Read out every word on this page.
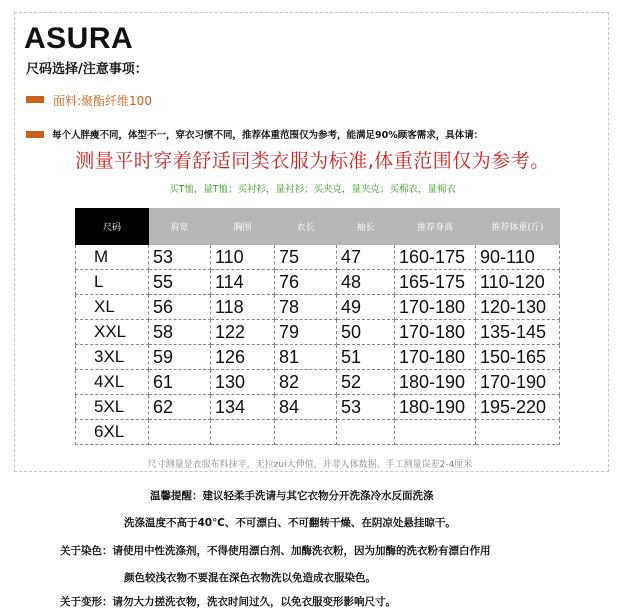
ASURA
尺码选择/注意事项：
面料:聚酯纤维100
每个人胖瘦不同，体型不一，穿衣习惯不同，推荐体重范围仅为参考，能满足90%顾客需求，具体请：
测量平时穿着舒适同类衣服为标准,体重范围仅为参考。
买T恤，量T恤；买衬衫，量衬衫；买夹克，量夹克；买棉衣，量棉衣
尺码	肩宽	胸围	衣长	袖长	推荐身高	推荐体重(斤)
M	53	110	75	47	160-175	90-110
L	55	114	76	48	165-175	110-120
XL	56	118	78	49	170-180	120-130
XXL	58	122	79	50	170-180	135-145
3XL	59	126	81	51	170-180	150-165
4XL	61	130	82	52	180-190	170-190
5XL	62	134	84	53	180-190	195-220
6XL						
尺寸测量是衣服布料抹平，无拉zui大伸值，并非人体数据。手工测量误差2-4厘米
温馨提醒：建议轻柔手洗请与其它衣物分开洗涤冷水反面洗涤
洗涤温度不高于40℃、不可漂白、不可翻转干燥、在阴凉处悬挂晾干。
关于染色：请使用中性洗涤剂，不得使用漂白剂、加酶洗衣粉，因为加酶的洗衣粉有漂白作用
颜色较浅衣物不要混在深色衣物洗以免造成衣服染色。
关于变形：请勿大力搓洗衣物，洗衣时间过久，以免衣服变形影响尺寸。
